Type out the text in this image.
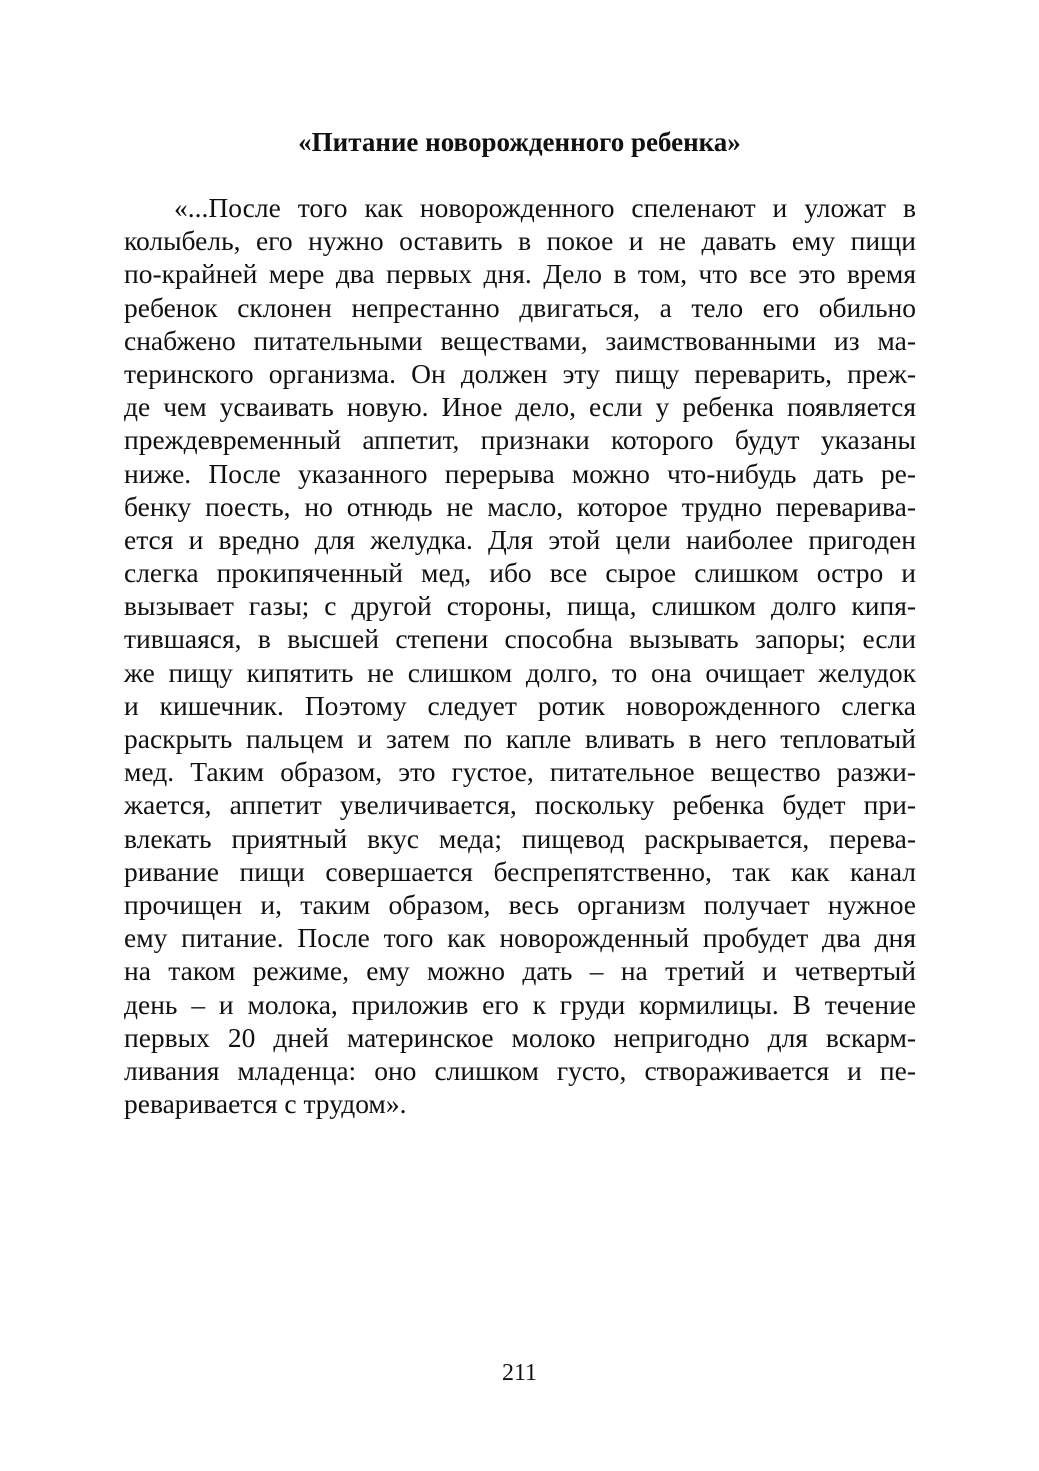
«Питание новорожденного ребенка»
«...После того как новорожденного спеленают и уложат в
колыбель, его нужно оставить в покое и не давать ему пищи
по-крайней мере два первых дня. Дело в том, что все это время
ребенок склонен непрестанно двигаться, а тело его обильно
снабжено питательными веществами, заимствованными из ма-
теринского организма. Он должен эту пищу переварить, преж-
де чем усваивать новую. Иное дело, если у ребенка появляется
преждевременный аппетит, признаки которого будут указаны
ниже. После указанного перерыва можно что-нибудь дать ре-
бенку поесть, но отнюдь не масло, которое трудно переварива-
ется и вредно для желудка. Для этой цели наиболее пригоден
слегка прокипяченный мед, ибо все сырое слишком остро и
вызывает газы; с другой стороны, пища, слишком долго кипя-
тившаяся, в высшей степени способна вызывать запоры; если
же пищу кипятить не слишком долго, то она очищает желудок
и кишечник. Поэтому следует ротик новорожденного слегка
раскрыть пальцем и затем по капле вливать в него тепловатый
мед. Таким образом, это густое, питательное вещество разжи-
жается, аппетит увеличивается, поскольку ребенка будет при-
влекать приятный вкус меда; пищевод раскрывается, перева-
ривание пищи совершается беспрепятственно, так как канал
прочищен и, таким образом, весь организм получает нужное
ему питание. После того как новорожденный пробудет два дня
на таком режиме, ему можно дать – на третий и четвертый
день – и молока, приложив его к груди кормилицы. В течение
первых 20 дней материнское молоко непригодно для вскарм-
ливания младенца: оно слишком густо, створаживается и пе-
реваривается с трудом».
211
